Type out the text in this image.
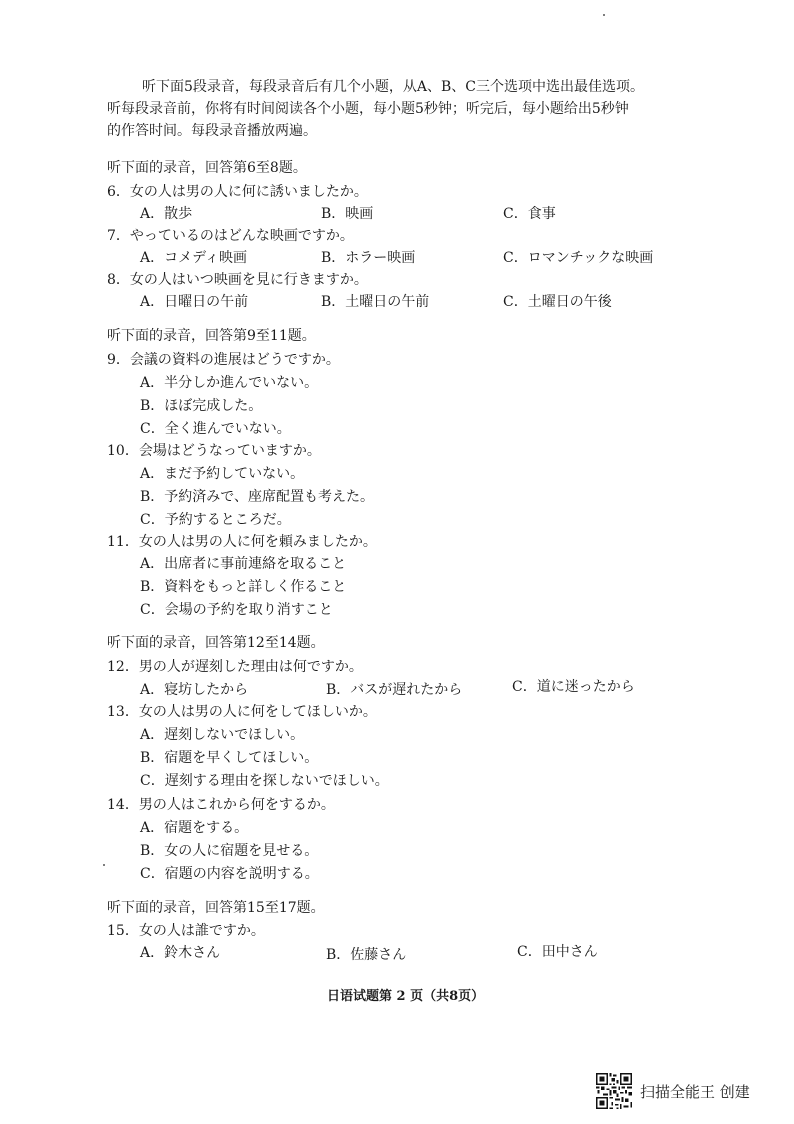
听下面5段录音，每段录音后有几个小题，从A、B、C三个选项中选出最佳选项。
听每段录音前，你将有时间阅读各个小题，每小题5秒钟；听完后，每小题给出5秒钟
的作答时间。每段录音播放两遍。
听下面的录音，回答第6至8题。
6．女の人は男の人に何に誘いましたか。
A．散歩	B．映画	C．食事
7．やっているのはどんな映画ですか。
A．コメディ映画	B．ホラー映画	C．ロマンチックな映画
8．女の人はいつ映画を見に行きますか。
A．日曜日の午前	B．土曜日の午前	C．土曜日の午後
听下面的录音，回答第9至11题。
9．会議の資料の進展はどうですか。
A．半分しか進んでいない。
B．ほぼ完成した。
C．全く進んでいない。
10．会場はどうなっていますか。
A．まだ予約していない。
B．予約済みで、座席配置も考えた。
C．予約するところだ。
11．女の人は男の人に何を頼みましたか。
A．出席者に事前連絡を取ること
B．資料をもっと詳しく作ること
C．会場の予約を取り消すこと
听下面的录音，回答第12至14题。
12．男の人が遅刻した理由は何ですか。
A．寝坊したから	B．バスが遅れたから	C．道に迷ったから
13．女の人は男の人に何をしてほしいか。
A．遅刻しないでほしい。
B．宿題を早くしてほしい。
C．遅刻する理由を探しないでほしい。
14．男の人はこれから何をするか。
A．宿題をする。
B．女の人に宿題を見せる。
C．宿題の内容を説明する。
听下面的录音，回答第15至17题。
15．女の人は誰ですか。
A．鈴木さん	B．佐藤さん	C．田中さん
日语试题第 2 页（共8页）
扫描全能王 创建
